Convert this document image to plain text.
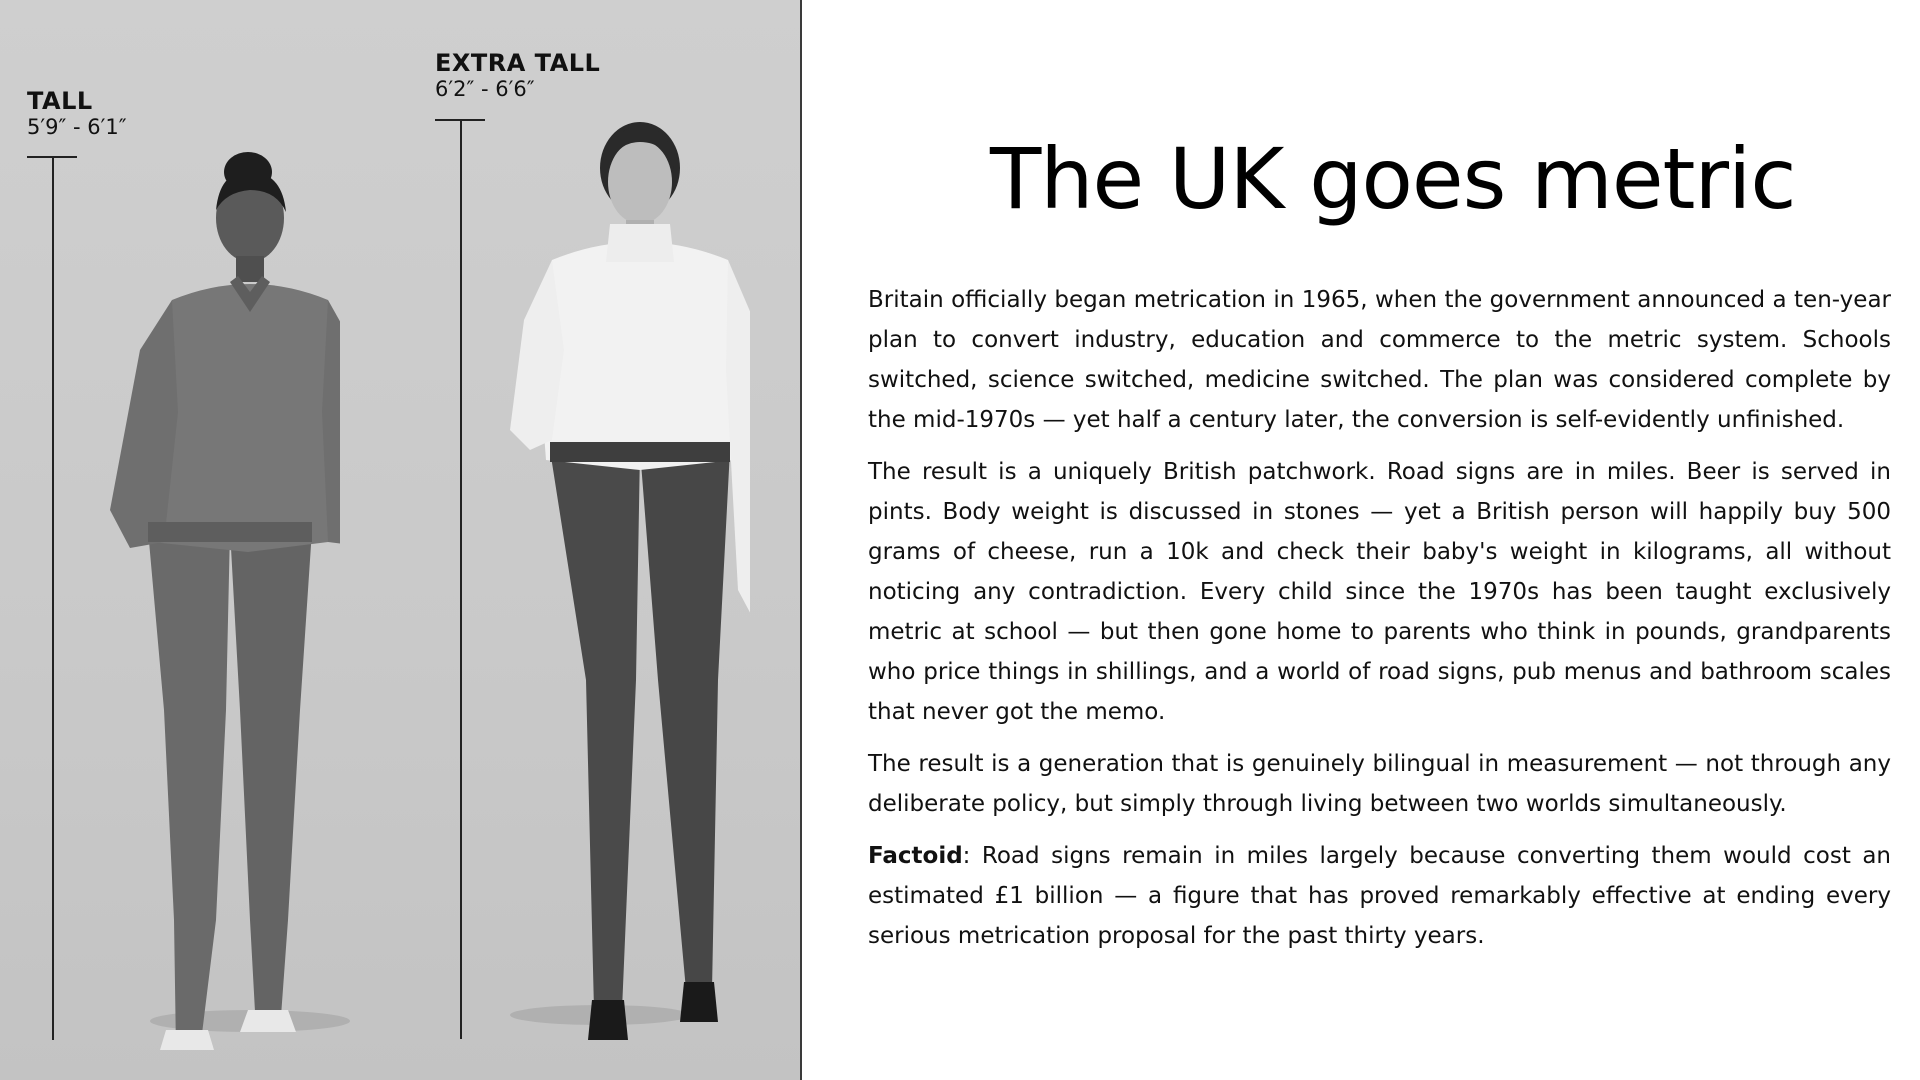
TALL
5′9″ - 6′1″
EXTRA TALL
6′2″ - 6′6″
The UK goes metric

Britain officially began metrication in 1965, when the government announced a ten-year plan to convert industry, education and commerce to the metric system. Schools switched, science switched, medicine switched. The plan was considered complete by the mid-1970s — yet half a century later, the conversion is self-evidently unfinished.

The result is a uniquely British patchwork. Road signs are in miles. Beer is served in pints. Body weight is discussed in stones — yet a British person will happily buy 500 grams of cheese, run a 10k and check their baby's weight in kilograms, all without noticing any contradiction. Every child since the 1970s has been taught exclusively metric at school — but then gone home to parents who think in pounds, grandparents who price things in shillings, and a world of road signs, pub menus and bathroom scales that never got the memo.

The result is a generation that is genuinely bilingual in measurement — not through any deliberate policy, but simply through living between two worlds simultaneously.

Factoid: Road signs remain in miles largely because converting them would cost an estimated £1 billion — a figure that has proved remarkably effective at ending every serious metrication proposal for the past thirty years.
